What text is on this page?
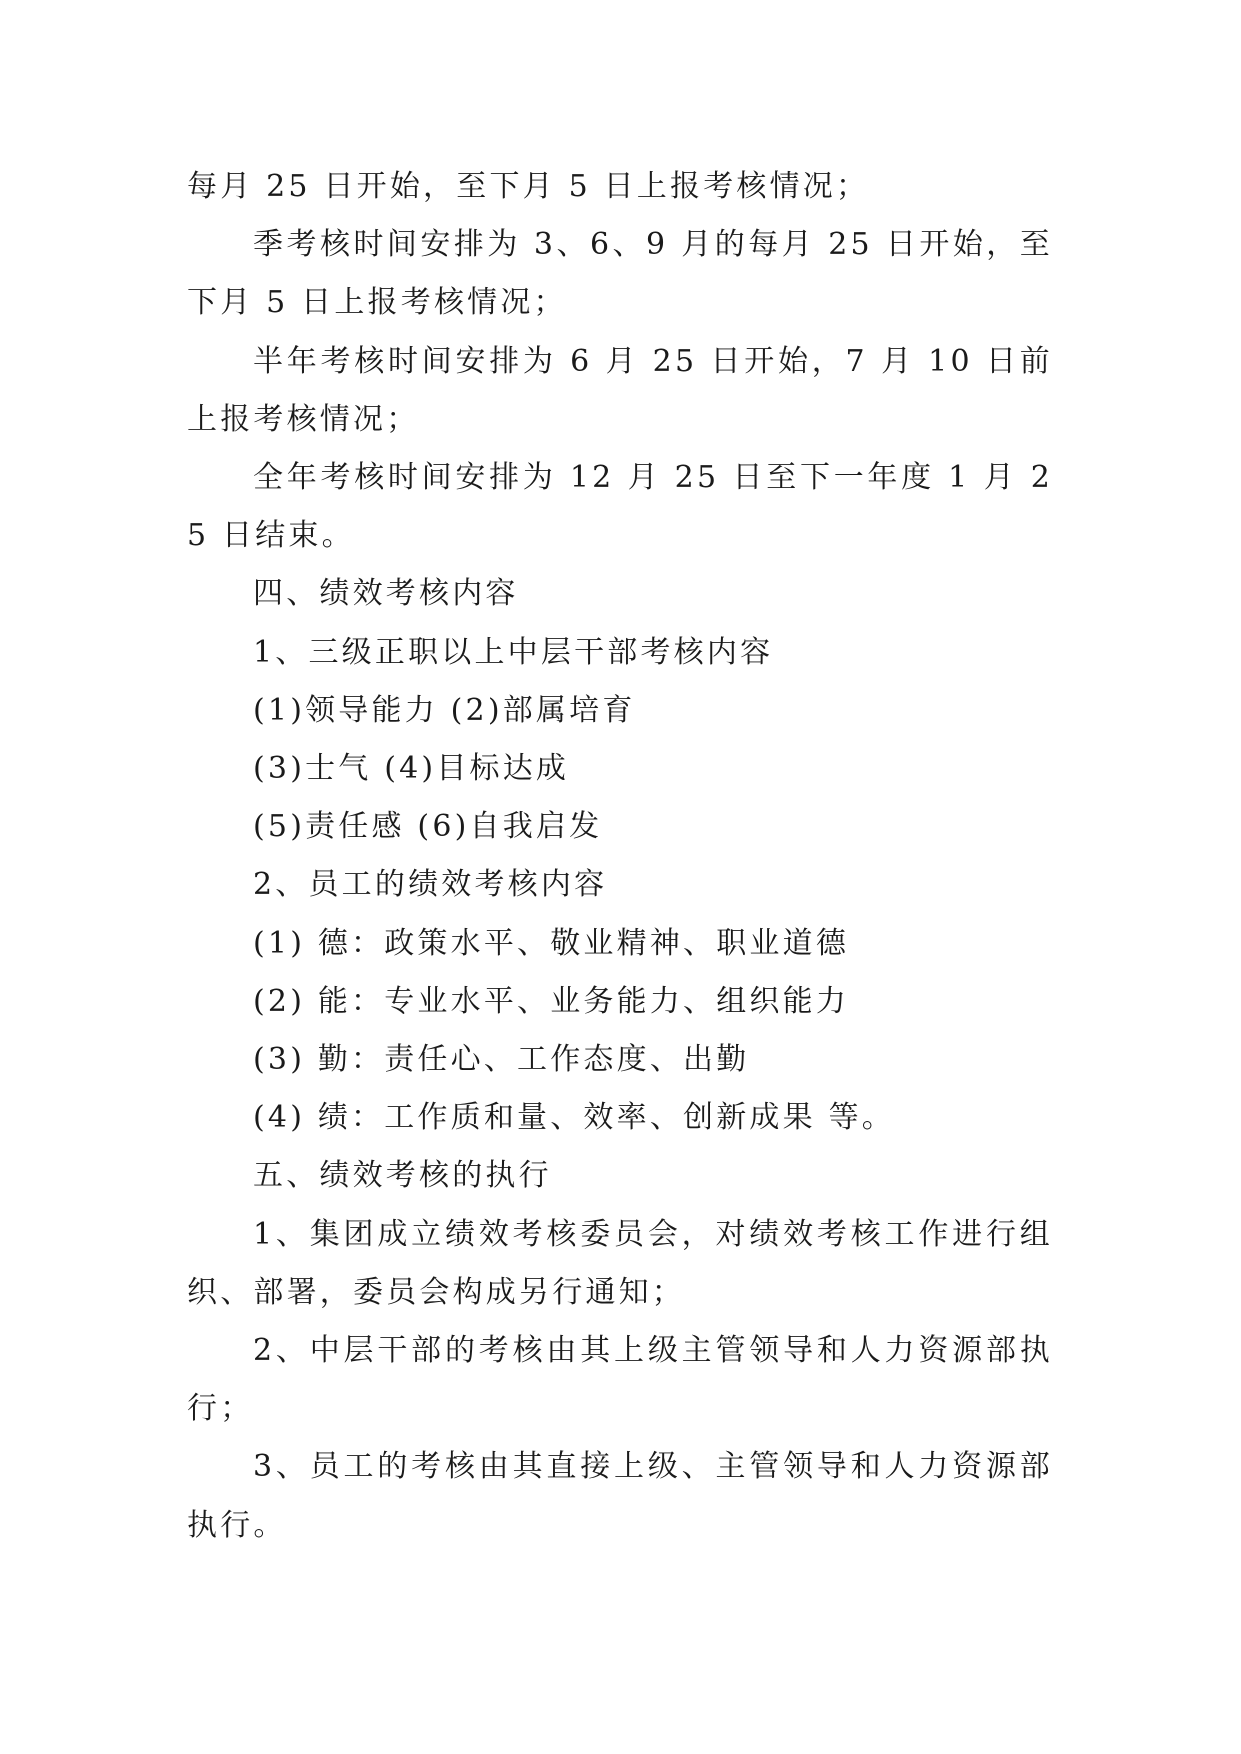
每月 25 日开始，至下月 5 日上报考核情况；

季考核时间安排为 3、6、9 月的每月 25 日开始，至下月 5 日上报考核情况；

半年考核时间安排为 6 月 25 日开始，7 月 10 日前上报考核情况；

全年考核时间安排为 12 月 25 日至下一年度 1 月 25 日结束。

四、绩效考核内容

1、三级正职以上中层干部考核内容

(1)领导能力 (2)部属培育

(3)士气 (4)目标达成

(5)责任感 (6)自我启发

2、员工的绩效考核内容

(1) 德：政策水平、敬业精神、职业道德

(2) 能：专业水平、业务能力、组织能力

(3) 勤：责任心、工作态度、出勤

(4) 绩：工作质和量、效率、创新成果 等。

五、绩效考核的执行

1、集团成立绩效考核委员会，对绩效考核工作进行组织、部署，委员会构成另行通知；

2、中层干部的考核由其上级主管领导和人力资源部执行；

3、员工的考核由其直接上级、主管领导和人力资源部执行。
